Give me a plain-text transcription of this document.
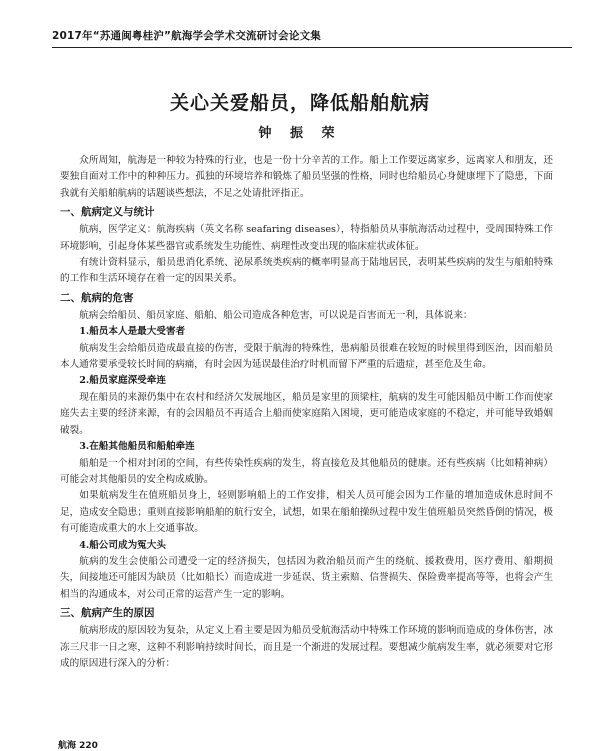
2017年“苏通闽粤桂沪”航海学会学术交流研讨会论文集
关心关爱船员，降低船舶航病
钟 振 荣

众所周知，航海是一种较为特殊的行业，也是一份十分辛苦的工作。船上工作要远离家乡，远离家人和朋友，还要独自面对工作中的种种压力。孤独的环境培养和锻炼了船员坚强的性格，同时也给船员心身健康埋下了隐患，下面我就有关船舶航病的话题谈些想法，不足之处请批评指正。

一、航病定义与统计

航病，医学定义：航海疾病（英文名称 seafaring diseases），特指船员从事航海活动过程中，受周围特殊工作环境影响，引起身体某些器官或系统发生功能性、病理性改变出现的临床症状或体征。

有统计资料显示，船员患消化系统、泌尿系统类疾病的概率明显高于陆地居民，表明某些疾病的发生与船舶特殊的工作和生活环境存在着一定的因果关系。

二、航病的危害

航病会给船员、船员家庭、船舶、船公司造成各种危害，可以说是百害而无一利，具体说来：

1.船员本人是最大受害者

航病发生会给船员造成最直接的伤害，受限于航海的特殊性，患病船员很难在较短的时候里得到医治，因而船员本人通常要承受较长时间的病痛，有时会因为延误最佳治疗时机而留下严重的后遗症，甚至危及生命。

2.船员家庭深受牵连

现在船员的来源仍集中在农村和经济欠发展地区，船员是家里的顶梁柱，航病的发生可能因船员中断工作而使家庭失去主要的经济来源，有的会因船员不再适合上船而使家庭陷入困境，更可能造成家庭的不稳定，并可能导致婚姻破裂。

3.在船其他船员和船舶牵连

船舶是一个相对封闭的空间，有些传染性疾病的发生，将直接危及其他船员的健康。还有些疾病（比如精神病）可能会对其他船员的安全构成威胁。

如果航病发生在值班船员身上，轻则影响船上的工作安排，相关人员可能会因为工作量的增加造成休息时间不足，造成安全隐患；重则直接影响船舶的航行安全，试想，如果在船舶操纵过程中发生值班船员突然昏倒的情况，极有可能造成重大的水上交通事故。

4.船公司成为冤大头

航病的发生会使船公司遭受一定的经济损失，包括因为救治船员而产生的绕航、援救费用，医疗费用、船期损失，间接地还可能因为缺员（比如船长）而造成进一步延误、货主索赔、信誉损失、保险费率提高等等，也将会产生相当的沟通成本，对公司正常的运营产生一定的影响。

三、航病产生的原因

航病形成的原因较为复杂，从定义上看主要是因为船员受航海活动中特殊工作环境的影响而造成的身体伤害，冰冻三尺非一日之寒，这种不利影响持续时间长，而且是一个渐进的发展过程。要想减少航病发生率，就必须要对它形成的原因进行深入的分析：

航海 220
